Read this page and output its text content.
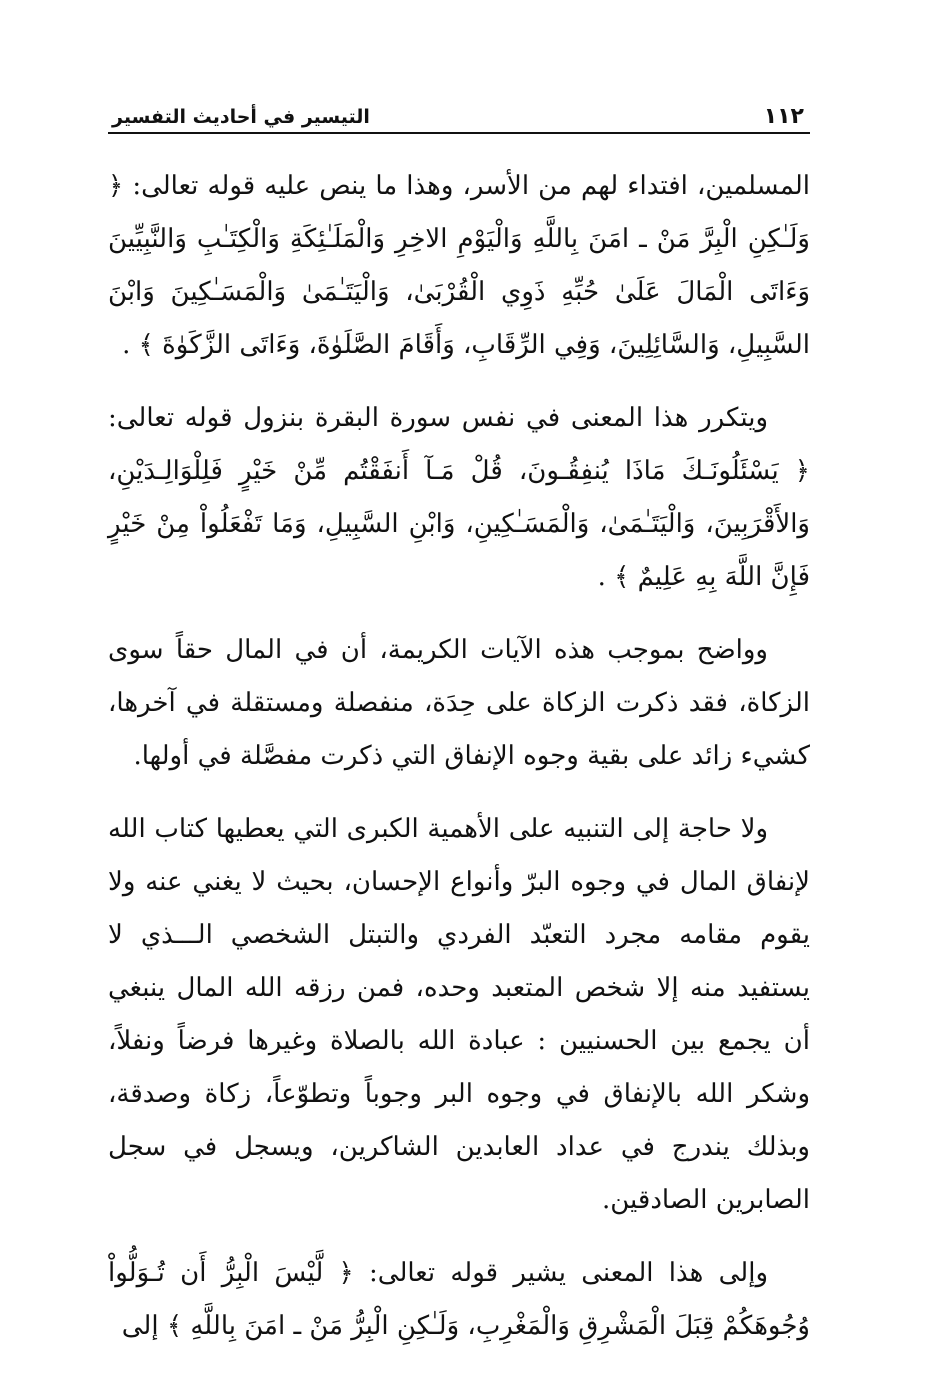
١١٢
التيسير في أحاديث التفسير

المسلمين، افتداء لهم من الأسر، وهذا ما ينص عليه قوله تعالى: ﴿ وَلَـٰكِنِ الْبِرَّ مَنْ ـ امَنَ بِاللَّهِ وَالْيَوْمِ الاخِرِ وَالْمَلَـٰئِكَةِ وَالْكِتَـٰبِ وَالنَّبِيِّينَ وَءَاتَى الْمَالَ عَلَىٰ حُبِّهِ ذَوِي الْقُرْبَىٰ، وَالْيَتَـٰمَىٰ وَالْمَسَـٰكِينَ وَابْنَ السَّبِيلِ، وَالسَّائِلِينَ، وَفِي الرِّقَابِ، وَأَقَامَ الصَّلَوٰةَ، وَءَاتَى الزَّكَوٰةَ ﴾ .

ويتكرر هذا المعنى في نفس سورة البقرة بنزول قوله تعالى: ﴿ يَسْئَلُونَـكَ مَاذَا يُنفِقُـونَ، قُلْ مَـآ أَنفَقْتُم مِّنْ خَيْرٍ فَلِلْوَالِـدَيْنِ، وَالأَقْرَبِينَ، وَالْيَتَـٰمَىٰ، وَالْمَسَـٰكِينِ، وَابْنِ السَّبِيلِ، وَمَا تَفْعَلُواْ مِنْ خَيْرٍ فَإِنَّ اللَّهَ بِهِ عَلِيمٌ ﴾ .

وواضح بموجب هذه الآيات الكريمة، أن في المال حقاً سوى الزكاة، فقد ذكرت الزكاة على حِدَة، منفصلة ومستقلة في آخرها، كشيء زائد على بقية وجوه الإنفاق التي ذكرت مفصَّلة في أولها.

ولا حاجة إلى التنبيه على الأهمية الكبرى التي يعطيها كتاب الله لإنفاق المال في وجوه البرّ وأنواع الإحسان، بحيث لا يغني عنه ولا يقوم مقامه مجرد التعبّد الفردي والتبتل الشخصي الـــذي لا يستفيد منه إلا شخص المتعبد وحده، فمن رزقه الله المال ينبغي أن يجمع بين الحسنيين : عبادة الله بالصلاة وغيرها فرضاً ونفلاً، وشكر الله بالإنفاق في وجوه البر وجوباً وتطوّعاً، زكاة وصدقة، وبذلك يندرج في عداد العابدين الشاكرين، ويسجل في سجل الصابرين الصادقين.

وإلى هذا المعنى يشير قوله تعالى: ﴿ لَّيْسَ الْبِرُّ أَن تُـوَلُّواْ وُجُوهَكُمْ قِبَلَ الْمَشْرِقِ وَالْمَغْرِبِ، وَلَـٰكِنِ الْبِرُّ مَنْ ـ امَنَ بِاللَّهِ ﴾ إلى
